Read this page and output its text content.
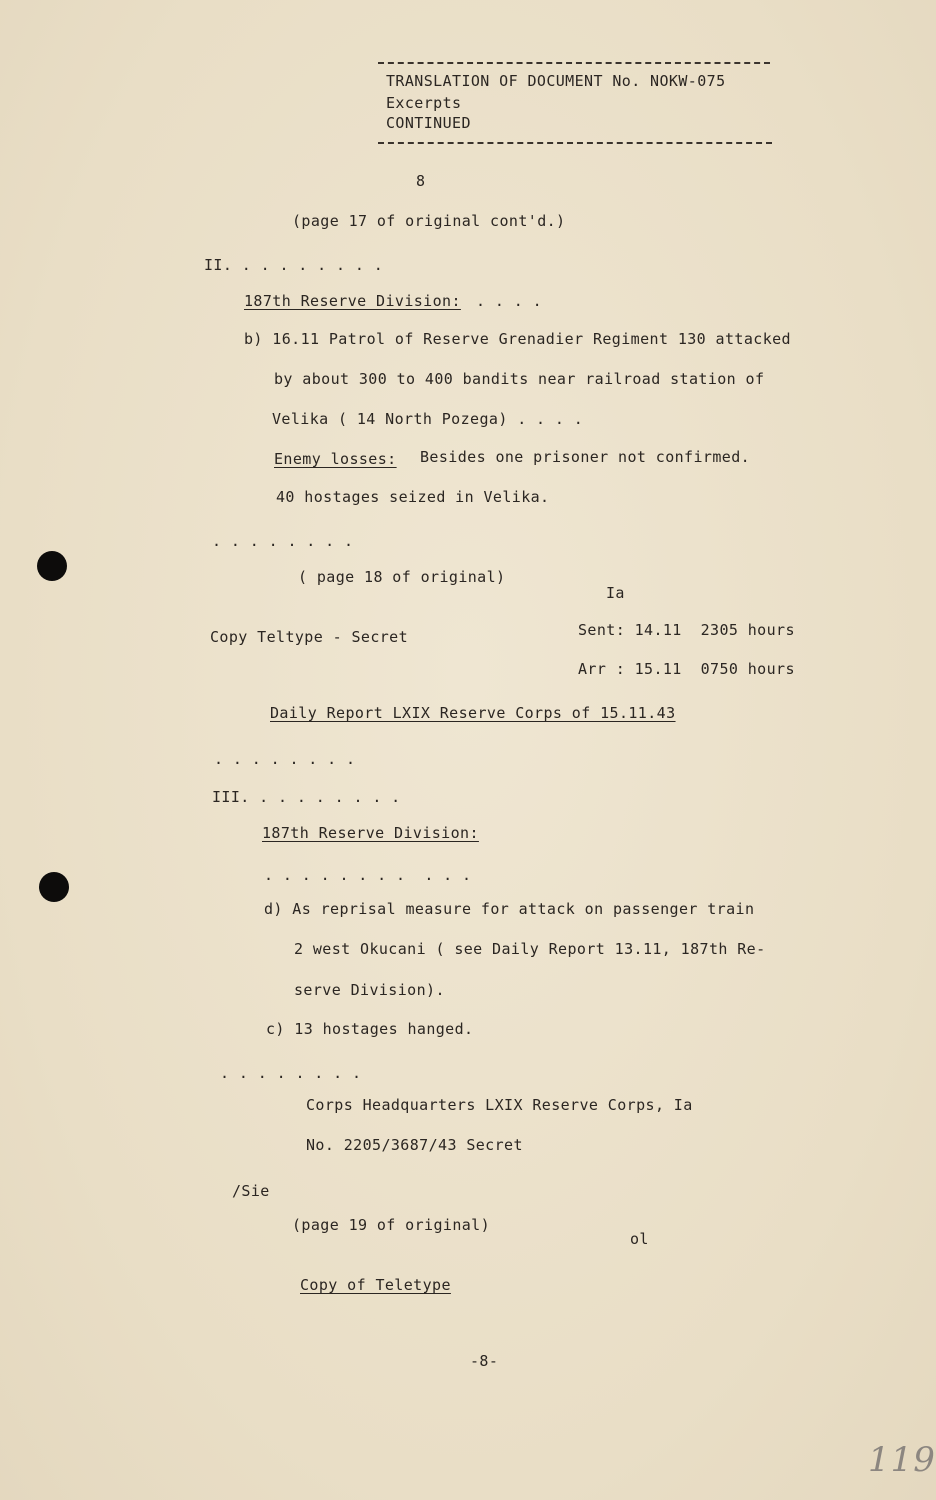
TRANSLATION OF DOCUMENT No. NOKW-075
Excerpts
CONTINUED
8
(page 17 of original cont'd.)
II. . . . . . . . .
187th Reserve Division: . . . .
b) 16.11 Patrol of Reserve Grenadier Regiment 130 attacked
by about 300 to 400 bandits near railroad station of
Velika ( 14 North Pozega) . . . .
Enemy losses: Besides one prisoner not confirmed.
40 hostages seized in Velika.
. . . . . . . .
( page 18 of original)
Ia
Copy Teltype - Secret	Sent: 14.11  2305 hours
Arr : 15.11  0750 hours
Daily Report LXIX Reserve Corps of 15.11.43
. . . . . . . .
III. . . . . . . . .
187th Reserve Division:
. . . . . . . .  . . .
d) As reprisal measure for attack on passenger train
2 west Okucani ( see Daily Report 13.11, 187th Re-
serve Division).
c) 13 hostages hanged.
. . . . . . . .
Corps Headquarters LXIX Reserve Corps, Ia
No. 2205/3687/43 Secret
/Sie
(page 19 of original)
ol
Copy of Teletype
-8-
119
